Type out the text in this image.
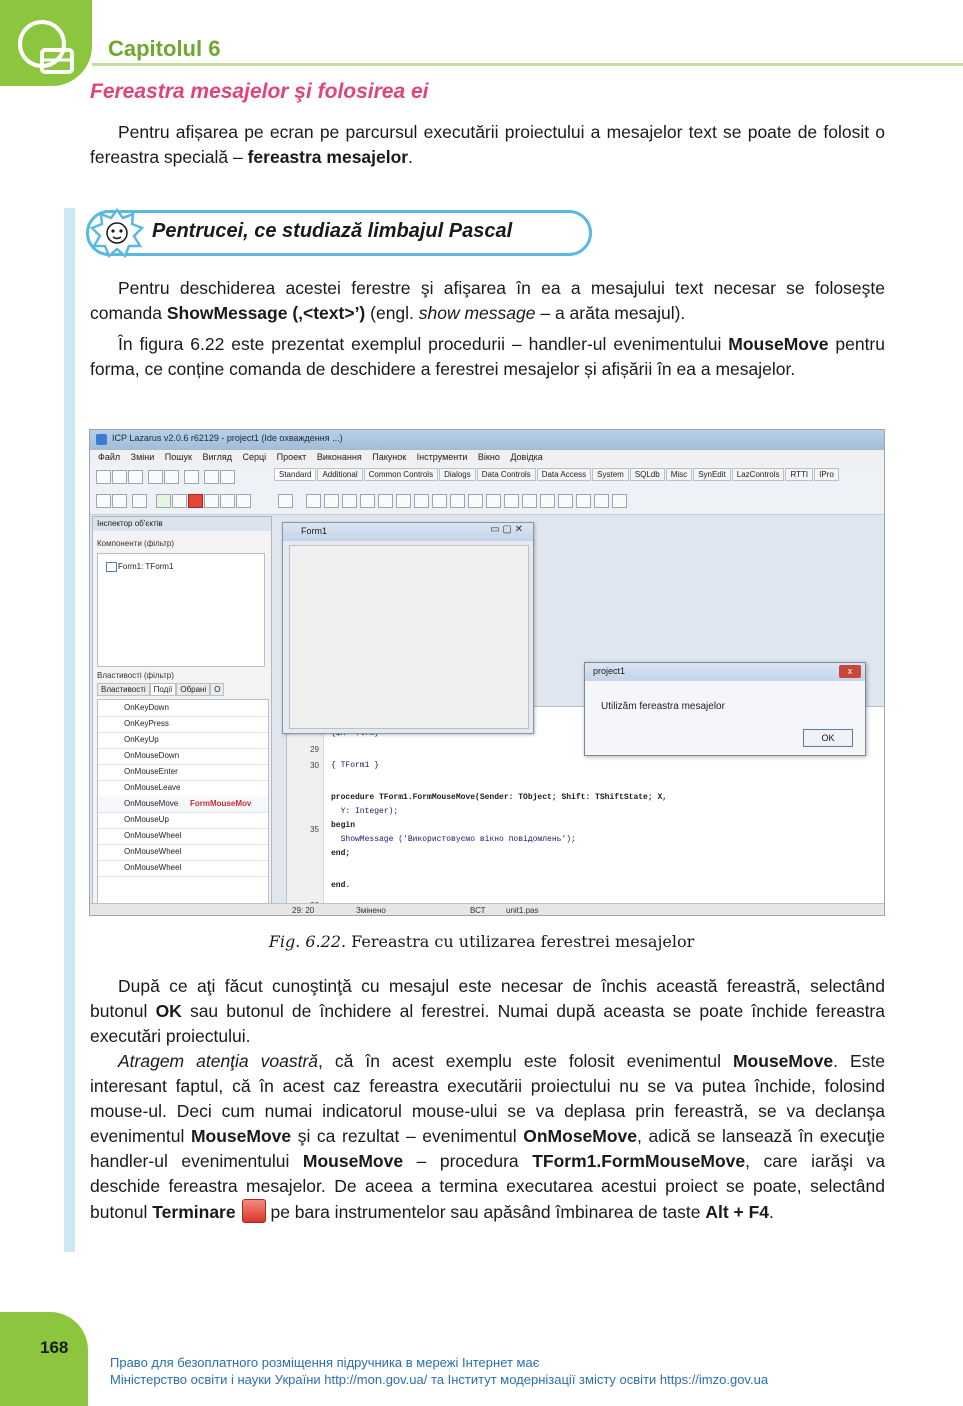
Capitolul 6
Fereastra mesajelor şi folosirea ei

Pentru afișarea pe ecran pe parcursul executării proiectului a mesajelor text se poate de folosit o fereastra specială – fereastra mesajelor.

Pentrucei, ce studiază limbajul Pascal

Pentru deschiderea acestei ferestre şi afişarea în ea a mesajului text necesar se foloseşte comanda ShowMessage (‚<text>’) (engl. show message – a arăta mesajul).

În figura 6.22 este prezentat exemplul procedurii – handler-ul evenimentului MouseMove pentru forma, ce conține comanda de deschidere a ferestrei mesajelor și afișării în ea a mesajelor.

ICP Lazarus v2.0.6 r62129 - project1 (Ide охваждення ...)
Файл Змiни Пошук Вигляд Серці Проект Виконання Пакунок Інструменти Вікно Довідка
Standard Additional Common Controls Dialogs Data Controls Data Access System SQLdb Misc SynEdit LazControls RTTI IPro
Інспектор об'єктів
Компоненти (фільтр)
Form1: TForm1
Властивості (фільтр)
Властивості Події Обрані О
OnKeyDown
OnKeyPress
OnKeyUp
OnMouseDown
OnMouseEnter
OnMouseLeave
OnMouseMove FormMouseMov
OnMouseUp
OnMouseWheel
OnMouseWheel
OnMouseWheel
29
30
35
{ TForm1 }
procedure TForm1.FormMouseMove(Sender: TObject; Shift: TShiftState; X,
Y: Integer);
begin
ShowMessage ('Використовуємо вікно повідомлень');
end;
end.
Form1	▭ ▢ ✕
project1	x
Utilizăm fereastra mesajelor
OK
29: 20	Змінено	ВСТ	unit1.pas
Fig. 6.22. Fereastra cu utilizarea ferestrei mesajelor

După ce aţi făcut cunoştinţă cu mesajul este necesar de închis această fereastră, selectând butonul OK sau butonul de închidere al ferestrei. Numai după aceasta se poate închide fereastra executări proiectului.

Atragem atenţia voastră, că în acest exemplu este folosit evenimentul MouseMove. Este interesant faptul, că în acest caz fereastra executării proiectului nu se va putea închide, folosind mouse-ul. Deci cum numai indicatorul mouse-ului se va deplasa prin fereastră, se va declanşa evenimentul MouseMove şi ca rezultat – evenimentul OnMoseMove, adică se lansează în execuţie handler-ul evenimentului MouseMove – procedura TForm1.FormMouseMove, care iarăşi va deschide fereastra mesajelor. De aceea a termina executarea acestui proiect se poate, selectând butonul Terminare pe bara instrumentelor sau apăsând îmbinarea de taste Alt + F4.

168
Право для безоплатного розміщення підручника в мережі Інтернет має
Міністерство освіти і науки України http://mon.gov.ua/ та Інститут модернізації змісту освіти https://imzo.gov.ua
